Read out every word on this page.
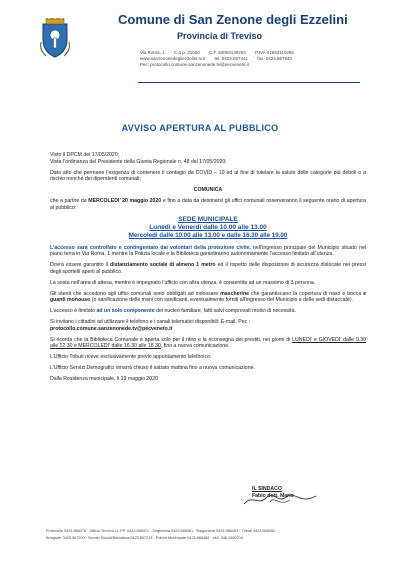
Comune di San Zenone degli Ezzelini
Provincia di Treviso
Via Roma, 1 C.a.p. 31020 C.F. 83003130263 P.IVA 01933110266
www.sanzenonedegliezzelini.tv.it tel. 0423.567441 fax. 0423.567840
Pec: protocollo.comune.sanzenonede.tv@pecveneto.it
AVVISO APERTURA AL PUBBLICO

Visto il DPCM del 17/05/2020;

Vista l’ordinanza del Presidente della Giunta Regionale n. 48 del 17/05/2020;

Dato atto che permane l’esigenza di contenere il contagio da COVID – 19 ed al fine di tutelare la salute delle categorie più deboli o a rischio nonché dei dipendenti comunali;

COMUNICA

che a partire da MERCOLEDI’ 20 maggio 2020 e fino a data da destinarsi gli uffici comunali osserveranno il seguente orario di apertura al pubblico:

SEDE MUNICIPALE
Lunedì e Venerdì dalle 10.00 alle 13.00
Mercoledì dalle 10.00 alle 13.00 e dalle 16.30 alle 19.00

L’accesso sarà controllato e contingentato dai volontari della protezione civile, nell’ingresso principale del Municipio situato nel piano terra in Via Roma, 1 mentre la Polizia locale e la Biblioteca garantiranno autonomamente l’accesso limitato all’utenza.

Dovrà essere garantito il distanziamento sociale di almeno 1 metro ed il rispetto delle disposizioni di sicurezza dislocate nei pressi degli sportelli aperti al pubblico.

La sosta nell’area di attesa, mentre è impegnato l’ufficio con altra utenza, è consentita ad un massimo di 3 persona.

Gli utenti che accedono agli uffici comunali sono obbligati ad indossare mascherine che garantiscano la copertura di naso e bocca e guanti monouso (o sanificazione delle mani con sanificanti, eventualmente forniti all’ingresso del Municipio e delle sedi distaccate).

L’accesso è limitato ad un solo componente del nucleo familiare, fatti salvi comprovati motivi di necessità.

Si invitano i cittadini ad utilizzare il telefono e i canali telematici disponibili: E-mail, Pec :

protocollo.comune.sanzenonede.tv@pecveneto.it

Si ricorda che la Biblioteca Comunale è aperta solo per il ritiro e la riconsegna dei prestiti, nei giorni di LUNEDI’ e GIOVEDI’ dalle 9.30 alle 12.30 e MERCOLEDI’ dalle 16.30 alle 18.30, fino a nuova comunicazione.

L’Ufficio Tributi riceve esclusivamente previo appuntamento telefonico.

L’Ufficio Servizi Demografici rimarrà chiuso il sabato mattina fino a nuova comunicazione.

Dalla Residenza municipale, li 19 maggio 2020

IL SINDACO
Fabio dott. Mario
Protocollo 0423.968478 · Ufficio Tecnico LL.PP. 0423.968471 · Segreteria 0423.968461 · Ragioneria 0423.968463 · Tributi 0423.968262
Anagrafe 0423.567000 · Servizi Sociali/Biblioteca 0423.567213 · Polizia Municipale 0423.968465 · cell. 348.1000704
